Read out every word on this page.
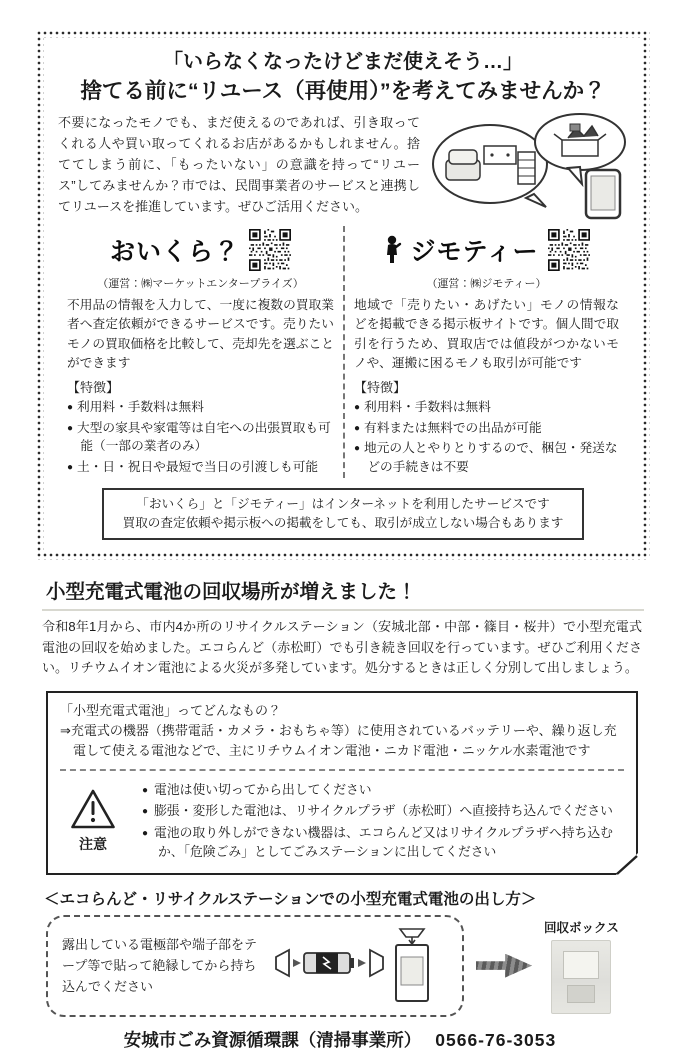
「いらなくなったけどまだ使えそう…」
捨てる前に“リユース（再使用）”を考えてみませんか？

不要になったモノでも、まだ使えるのであれば、引き取ってくれる人や買い取ってくれるお店があるかもしれません。捨ててしまう前に、「もったいない」の意識を持って“リユース”してみませんか？市では、民間事業者のサービスと連携してリユースを推進しています。ぜひご活用ください。

おいくら？
（運営：㈱マーケットエンタープライズ）

不用品の情報を入力して、一度に複数の買取業者へ査定依頼ができるサービスです。売りたいモノの買取価格を比較して、売却先を選ぶことができます

【特徴】
● 利用料・手数料は無料
● 大型の家具や家電等は自宅への出張買取も可能（一部の業者のみ）
● 土・日・祝日や最短で当日の引渡しも可能
ジモティー
（運営：㈱ジモティー）

地域で「売りたい・あげたい」モノの情報などを掲載できる掲示板サイトです。個人間で取引を行うため、買取店では値段がつかないモノや、運搬に困るモノも取引が可能です

【特徴】
● 利用料・手数料は無料
● 有料または無料での出品が可能
● 地元の人とやりとりするので、梱包・発送などの手続きは不要
「おいくら」と「ジモティー」はインターネットを利用したサービスです
買取の査定依頼や掲示板への掲載をしても、取引が成立しない場合もあります
小型充電式電池の回収場所が増えました！

令和8年1月から、市内4か所のリサイクルステーション（安城北部・中部・篠目・桜井）で小型充電式電池の回収を始めました。エコらんど（赤松町）でも引き続き回収を行っています。ぜひご利用ください。リチウムイオン電池による火災が多発しています。処分するときは正しく分別して出しましょう。

「小型充電式電池」ってどんなもの？

⇒充電式の機器（携帯電話・カメラ・おもちゃ等）に使用されているバッテリーや、繰り返し充電して使える電池などで、主にリチウムイオン電池・ニカド電池・ニッケル水素電池です

注意
● 電池は使い切ってから出してください
● 膨張・変形した電池は、リサイクルプラザ（赤松町）へ直接持ち込んでください
● 電池の取り外しができない機器は、エコらんど又はリサイクルプラザへ持ち込むか、「危険ごみ」としてごみステーションに出してください
＜エコらんど・リサイクルステーションでの小型充電式電池の出し方＞

露出している電極部や端子部をテープ等で貼って絶縁してから持ち込んでください

回収ボックス
安城市ごみ資源循環課（清掃事業所） 0566-76-3053
